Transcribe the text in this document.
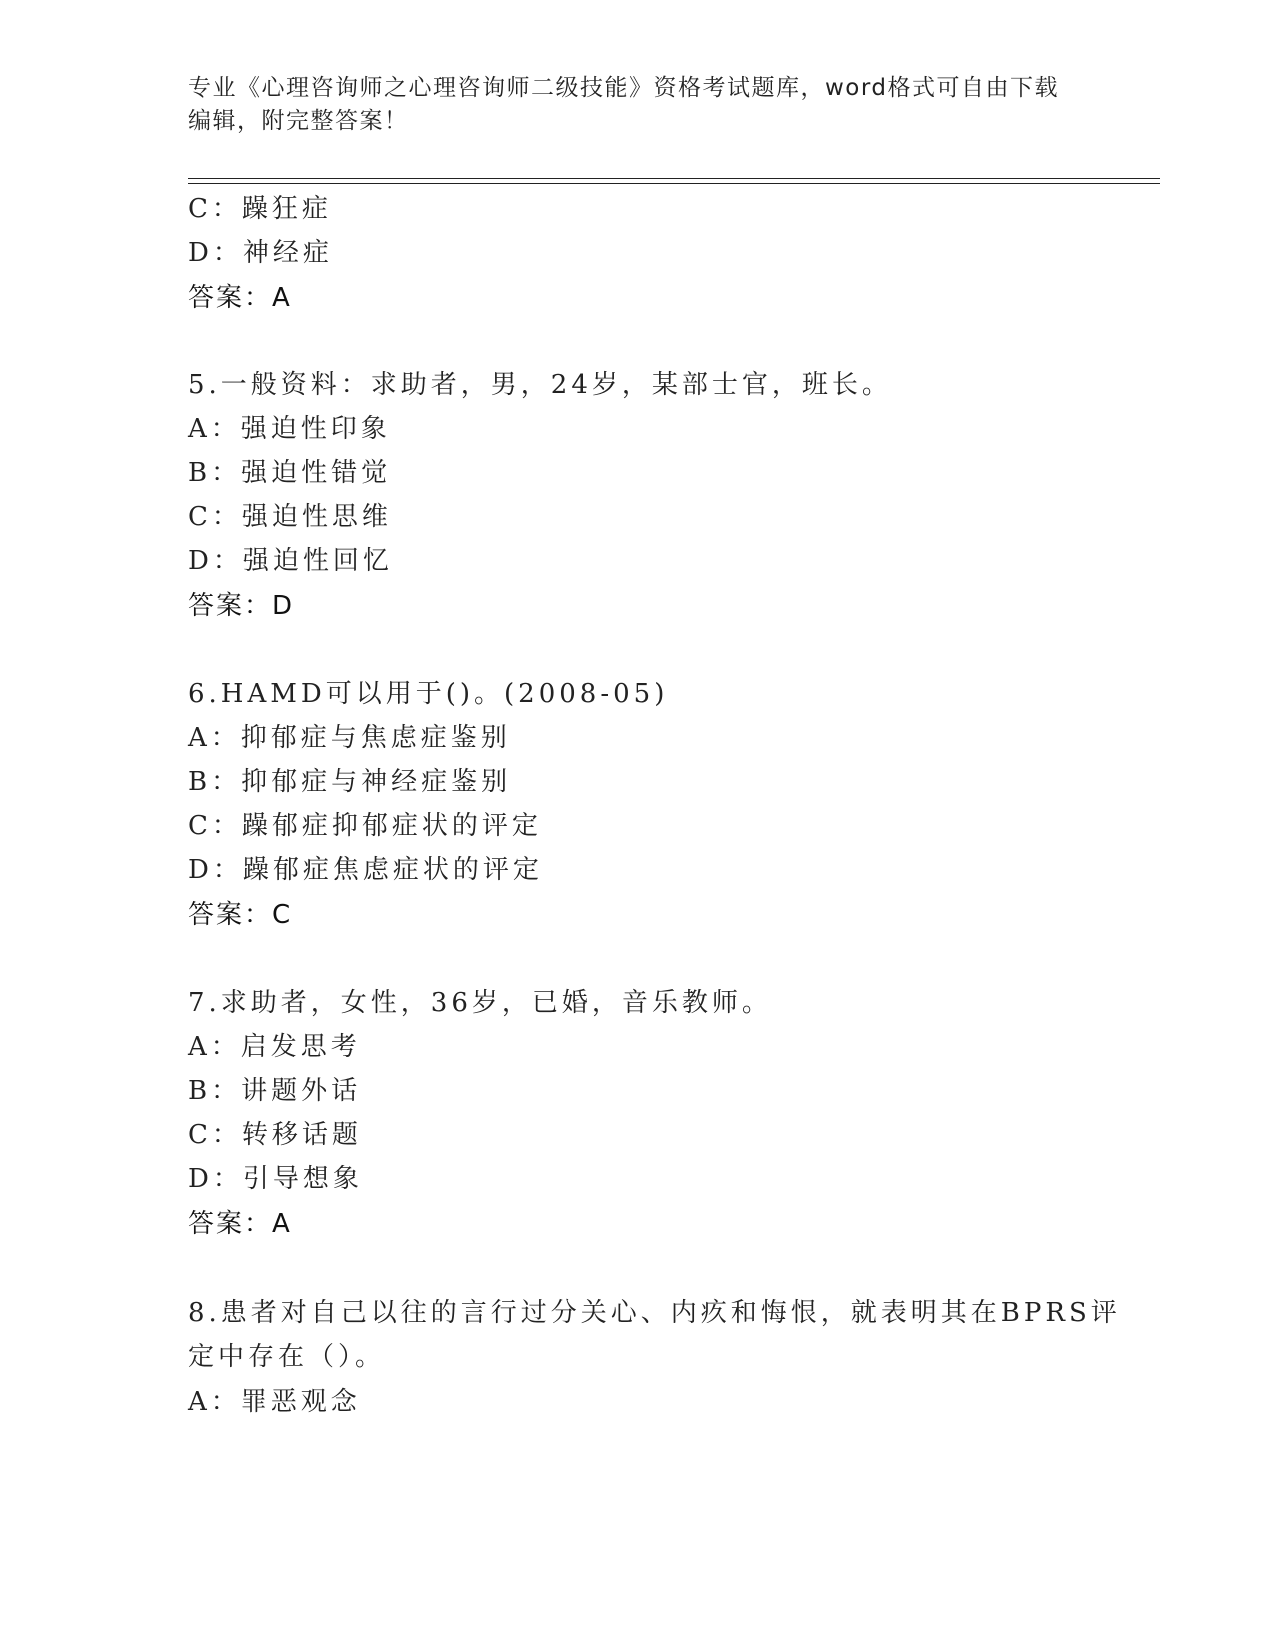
专业《心理咨询师之心理咨询师二级技能》资格考试题库，word格式可自由下载
编辑，附完整答案！
C：躁狂症
D：神经症
答案：A
5.一般资料：求助者，男，24岁，某部士官，班长。
A：强迫性印象
B：强迫性错觉
C：强迫性思维
D：强迫性回忆
答案：D
6.HAMD可以用于()。(2008-05)
A：抑郁症与焦虑症鉴别
B：抑郁症与神经症鉴别
C：躁郁症抑郁症状的评定
D：躁郁症焦虑症状的评定
答案：C
7.求助者，女性，36岁，已婚，音乐教师。
A：启发思考
B：讲题外话
C：转移话题
D：引导想象
答案：A
8.患者对自己以往的言行过分关心、内疚和悔恨，就表明其在BPRS评
定中存在（）。
A：罪恶观念
